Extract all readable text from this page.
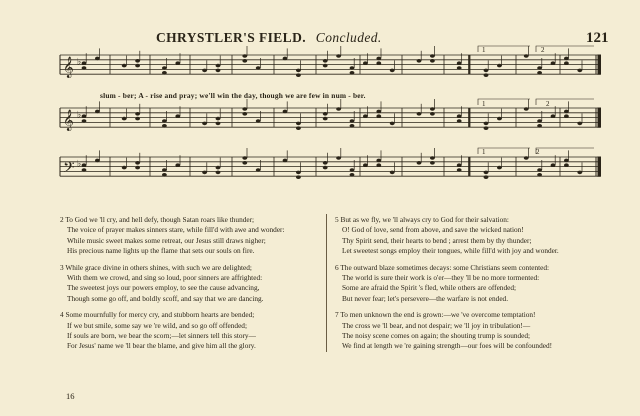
CHRYSTLER'S FIELD. Concluded.	121
𝄞 ♭
𝄞 ♭
𝄢 ♭
1	2
1	2
1	2
slum - ber; A - rise and pray; we'll win the day, though we are few in num - ber.
2 To God we 'll cry, and hell defy, though Satan roars like thunder;
The voice of prayer makes sinners stare, while fill'd with awe and wonder:
While music sweet makes some retreat, our Jesus still draws nigher;
His precious name lights up the flame that sets our souls on fire.
3 While grace divine in others shines, with such we are delighted;
With them we crowd, and sing so loud, poor sinners are affrighted:
The sweetest joys our powers employ, to see the cause advancing,
Though some go off, and boldly scoff, and say that we are dancing.
4 Some mournfully for mercy cry, and stubborn hearts are bended;
If we but smile, some say we 're wild, and so go off offended;
If souls are born, we bear the scorn;—let sinners tell this story—
For Jesus' name we 'll bear the blame, and give him all the glory.
5 But as we fly, we 'll always cry to God for their salvation:
O! God of love, send from above, and save the wicked nation!
Thy Spirit send, their hearts to bend ; arrest them by thy thunder;
Let sweetest songs employ their tongues, while fill'd with joy and wonder.
6 The outward blaze sometimes decays: some Christians seem contented:
The world is sure their work is o'er—they 'll be no more tormented:
Some are afraid the Spirit 's fled, while others are offended;
But never fear; let's persevere—the warfare is not ended.
7 To men unknown the end is grown:—we 've overcome temptation!
The cross we 'll bear, and not despair; we 'll joy in tribulation!—
The noisy scene comes on again; the shouting trump is sounded;
We find at length we 're gaining strength—our foes will be confounded!
16
